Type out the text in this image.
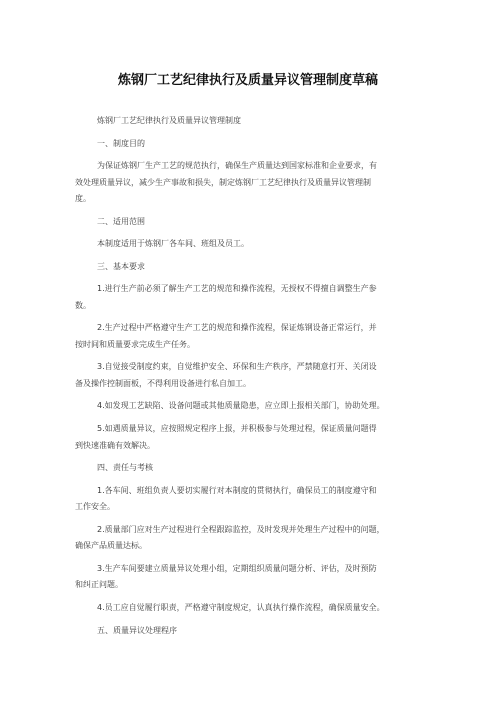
炼钢厂工艺纪律执行及质量异议管理制度草稿
炼钢厂工艺纪律执行及质量异议管理制度
一、制度目的
为保证炼钢厂生产工艺的规范执行，确保生产质量达到国家标准和企业要求，有
效处理质量异议，减少生产事故和损失，制定炼钢厂工艺纪律执行及质量异议管理制
度。
二、适用范围
本制度适用于炼钢厂各车间、班组及员工。
三、基本要求
1.进行生产前必须了解生产工艺的规范和操作流程，无授权不得擅自调整生产参
数。
2.生产过程中严格遵守生产工艺的规范和操作流程，保证炼钢设备正常运行，并
按时间和质量要求完成生产任务。
3.自觉接受制度约束，自觉维护安全、环保和生产秩序，严禁随意打开、关闭设
备及操作控制面板，不得利用设备进行私自加工。
4.如发现工艺缺陷、设备问题或其他质量隐患，应立即上报相关部门，协助处理。
5.如遇质量异议，应按照规定程序上报，并积极参与处理过程，保证质量问题得
到快速准确有效解决。
四、责任与考核
1.各车间、班组负责人要切实履行对本制度的贯彻执行，确保员工的制度遵守和
工作安全。
2.质量部门应对生产过程进行全程跟踪监控，及时发现并处理生产过程中的问题，
确保产品质量达标。
3.生产车间要建立质量异议处理小组，定期组织质量问题分析、评估，及时预防
和纠正问题。
4.员工应自觉履行职责，严格遵守制度规定，认真执行操作流程，确保质量安全。
五、质量异议处理程序
